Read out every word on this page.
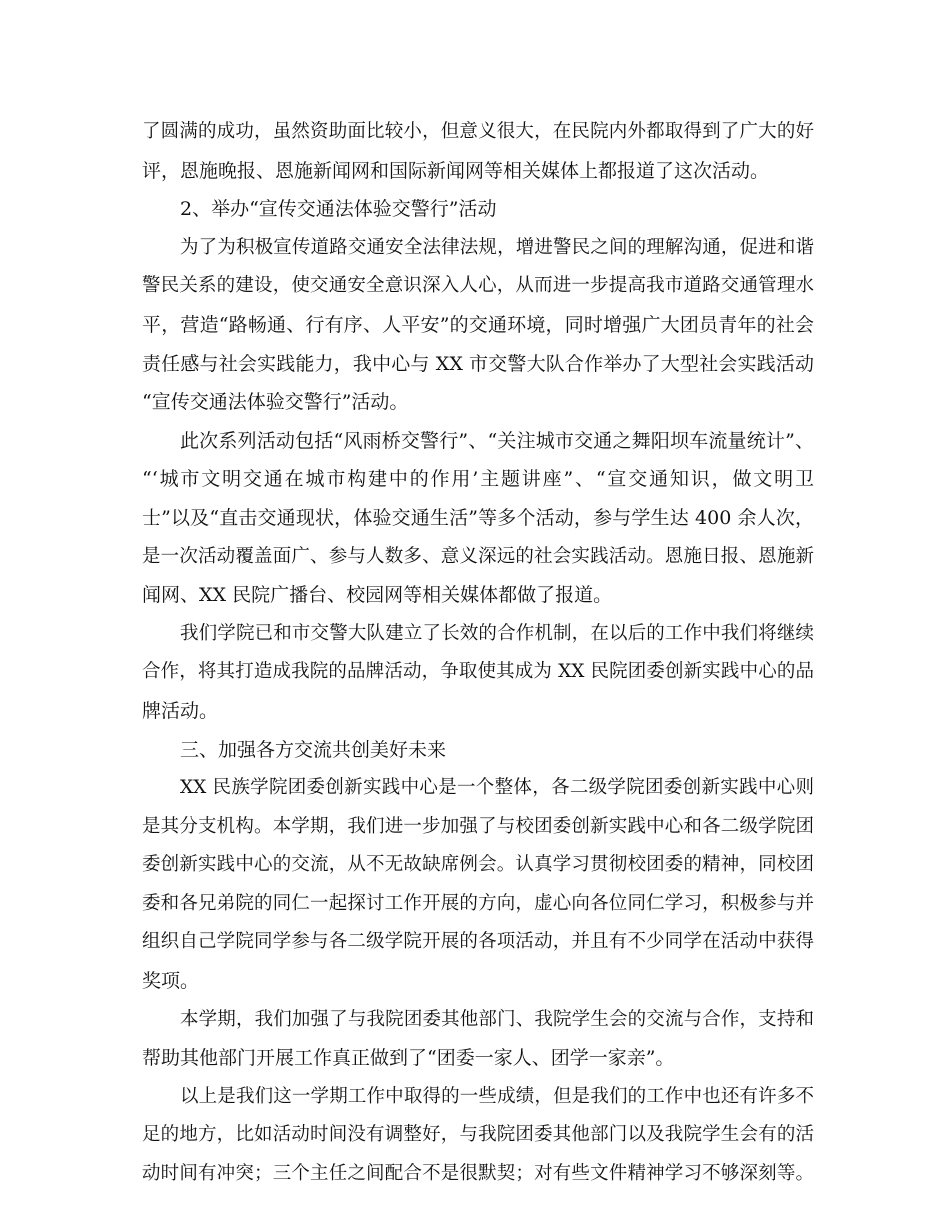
了圆满的成功，虽然资助面比较小，但意义很大，在民院内外都取得到了广大的好
评，恩施晚报、恩施新闻网和国际新闻网等相关媒体上都报道了这次活动。
2、举办“宣传交通法体验交警行”活动
为了为积极宣传道路交通安全法律法规，增进警民之间的理解沟通，促进和谐
警民关系的建设，使交通安全意识深入人心，从而进一步提高我市道路交通管理水
平，营造“路畅通、行有序、人平安”的交通环境，同时增强广大团员青年的社会
责任感与社会实践能力，我中心与 XX 市交警大队合作举办了大型社会实践活动
“宣传交通法体验交警行”活动。
此次系列活动包括“风雨桥交警行”、“关注城市交通之舞阳坝车流量统计”、
“‘城市文明交通在城市构建中的作用’主题讲座”、“宣交通知识，做文明卫
士”以及“直击交通现状，体验交通生活”等多个活动，参与学生达 400 余人次，
是一次活动覆盖面广、参与人数多、意义深远的社会实践活动。恩施日报、恩施新
闻网、XX 民院广播台、校园网等相关媒体都做了报道。
我们学院已和市交警大队建立了长效的合作机制，在以后的工作中我们将继续
合作，将其打造成我院的品牌活动，争取使其成为 XX 民院团委创新实践中心的品
牌活动。
三、加强各方交流共创美好未来
XX 民族学院团委创新实践中心是一个整体，各二级学院团委创新实践中心则
是其分支机构。本学期，我们进一步加强了与校团委创新实践中心和各二级学院团
委创新实践中心的交流，从不无故缺席例会。认真学习贯彻校团委的精神，同校团
委和各兄弟院的同仁一起探讨工作开展的方向，虚心向各位同仁学习，积极参与并
组织自己学院同学参与各二级学院开展的各项活动，并且有不少同学在活动中获得
奖项。
本学期，我们加强了与我院团委其他部门、我院学生会的交流与合作，支持和
帮助其他部门开展工作真正做到了“团委一家人、团学一家亲”。
以上是我们这一学期工作中取得的一些成绩，但是我们的工作中也还有许多不
足的地方，比如活动时间没有调整好，与我院团委其他部门以及我院学生会有的活
动时间有冲突；三个主任之间配合不是很默契；对有些文件精神学习不够深刻等。
